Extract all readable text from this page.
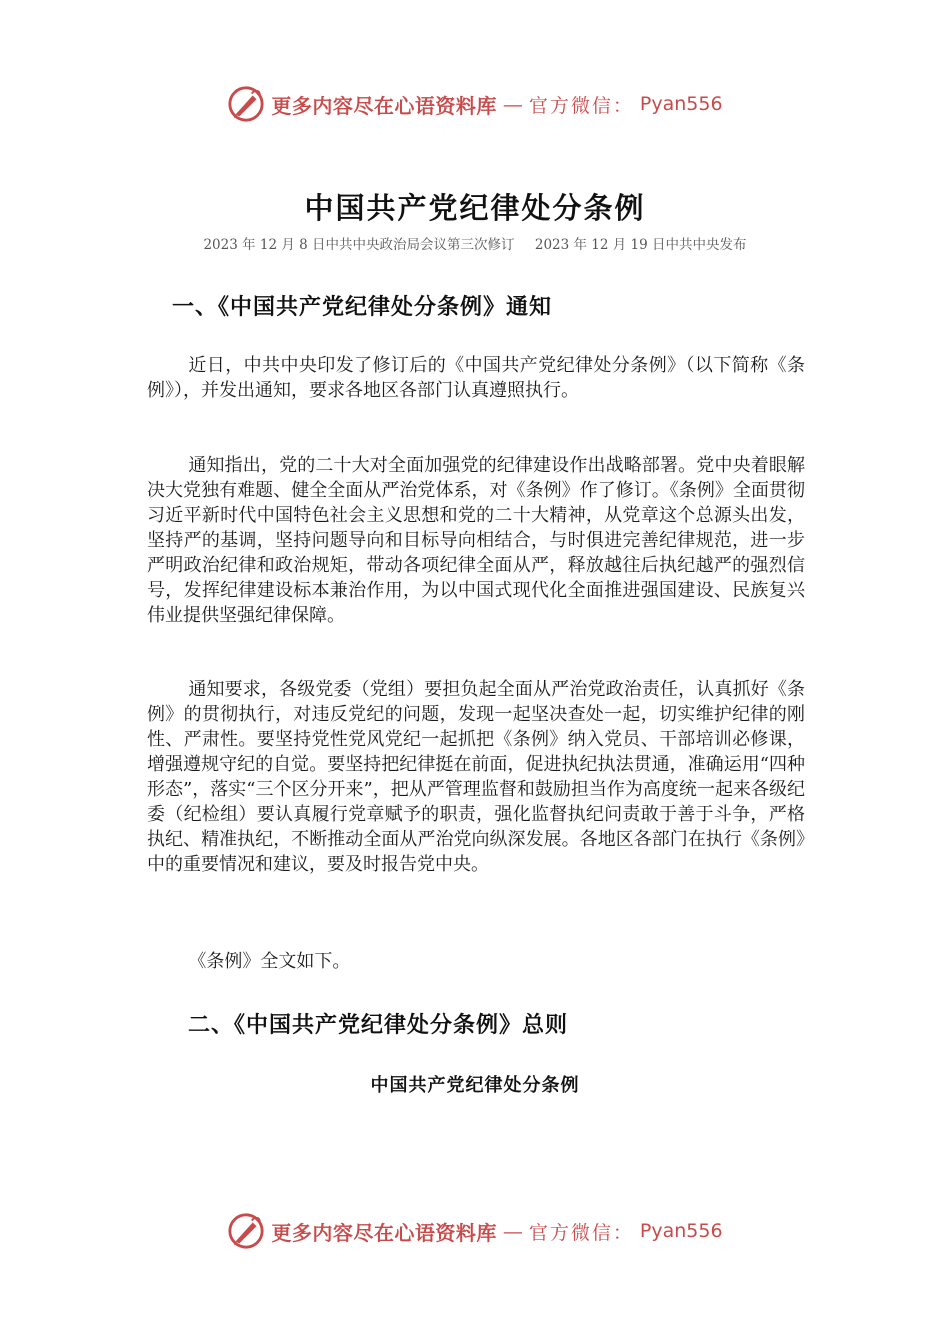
更多内容尽在心语资料库 — 官方微信： Pyan556
中国共产党纪律处分条例
2023 年 12 月 8 日中共中央政治局会议第三次修订 2023 年 12 月 19 日中共中央发布
一、《中国共产党纪律处分条例》通知

近日，中共中央印发了修订后的《中国共产党纪律处分条例》（以下简称《条例》），并发出通知，要求各地区各部门认真遵照执行。

通知指出，党的二十大对全面加强党的纪律建设作出战略部署。党中央着眼解决大党独有难题、健全全面从严治党体系，对《条例》作了修订。《条例》全面贯彻习近平新时代中国特色社会主义思想和党的二十大精神，从党章这个总源头出发，坚持严的基调，坚持问题导向和目标导向相结合，与时俱进完善纪律规范，进一步严明政治纪律和政治规矩，带动各项纪律全面从严，释放越往后执纪越严的强烈信号，发挥纪律建设标本兼治作用，为以中国式现代化全面推进强国建设、民族复兴伟业提供坚强纪律保障。

通知要求，各级党委（党组）要担负起全面从严治党政治责任，认真抓好《条例》的贯彻执行，对违反党纪的问题，发现一起坚决查处一起，切实维护纪律的刚性、严肃性。要坚持党性党风党纪一起抓把《条例》纳入党员、干部培训必修课，增强遵规守纪的自觉。要坚持把纪律挺在前面，促进执纪执法贯通，准确运用“四种形态”，落实“三个区分开来”，把从严管理监督和鼓励担当作为高度统一起来各级纪委（纪检组）要认真履行党章赋予的职责，强化监督执纪问责敢于善于斗争，严格执纪、精准执纪，不断推动全面从严治党向纵深发展。各地区各部门在执行《条例》中的重要情况和建议，要及时报告党中央。

《条例》全文如下。

二、《中国共产党纪律处分条例》总则
中国共产党纪律处分条例
更多内容尽在心语资料库 — 官方微信： Pyan556
